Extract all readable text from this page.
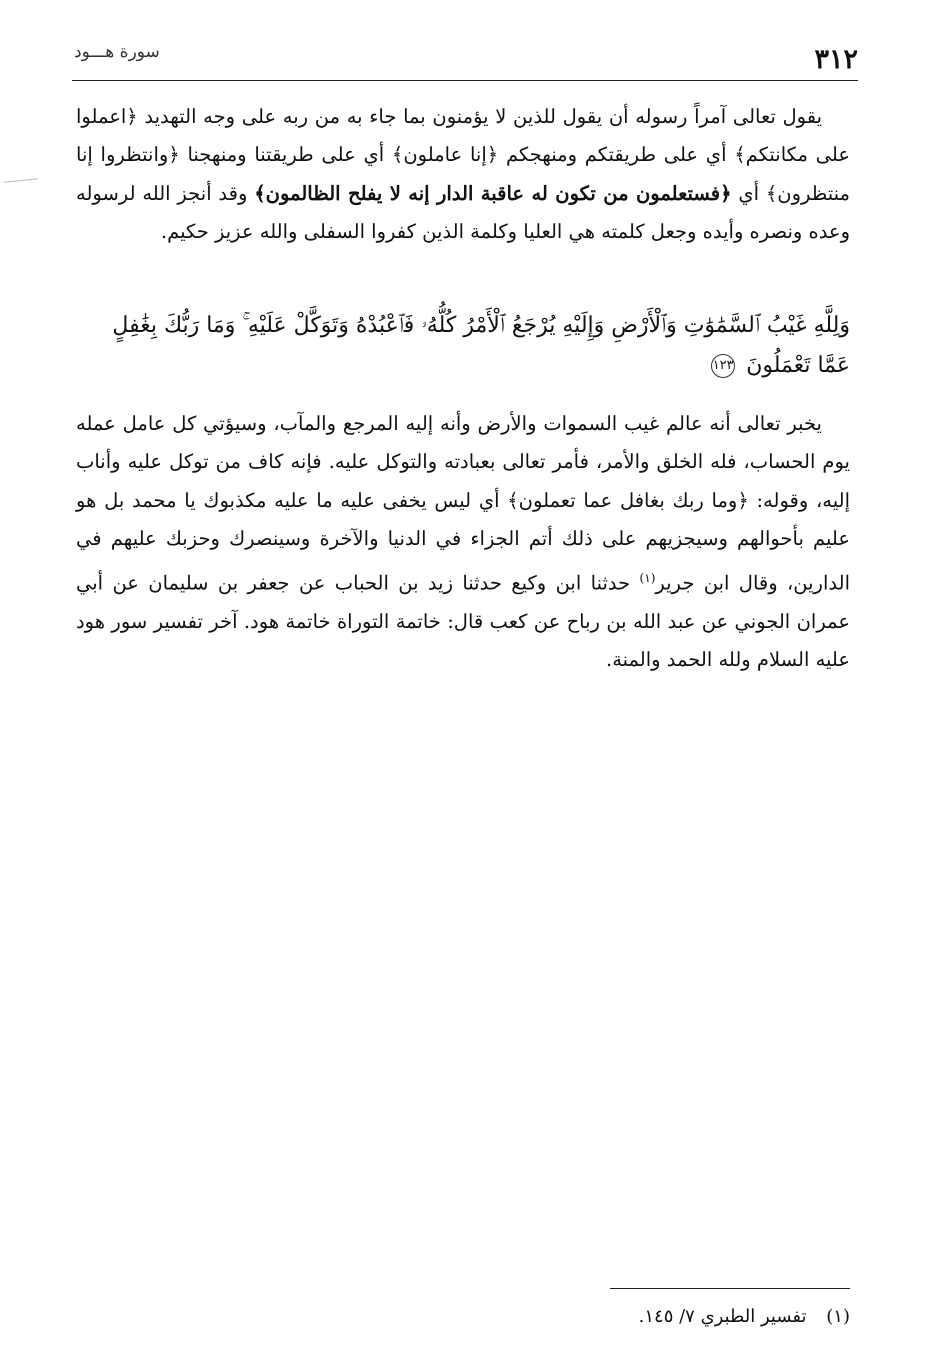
٣١٢
سورة هـــود

يقول تعالى آمراً رسوله أن يقول للذين لا يؤمنون بما جاء به من ربه على وجه التهديد ﴿اعملوا على مكانتكم﴾ أي على طريقتكم ومنهجكم ﴿إنا عاملون﴾ أي على طريقتنا ومنهجنا ﴿وانتظروا إنا منتظرون﴾ أي ﴿فستعلمون من تكون له عاقبة الدار إنه لا يفلح الظالمون﴾ وقد أنجز الله لرسوله وعده ونصره وأيده وجعل كلمته هي العليا وكلمة الذين كفروا السفلى والله عزيز حكيم.

وَلِلَّهِ غَيْبُ ٱلسَّمَٰوَٰتِ وَٱلْأَرْضِ وَإِلَيْهِ يُرْجَعُ ٱلْأَمْرُ كُلُّهُۥ فَٱعْبُدْهُ وَتَوَكَّلْ عَلَيْهِ ۚ وَمَا رَبُّكَ بِغَٰفِلٍ عَمَّا تَعْمَلُونَ ١٢٣

يخبر تعالى أنه عالم غيب السموات والأرض وأنه إليه المرجع والمآب، وسيؤتي كل عامل عمله يوم الحساب، فله الخلق والأمر، فأمر تعالى بعبادته والتوكل عليه. فإنه كاف من توكل عليه وأناب إليه، وقوله: ﴿وما ربك بغافل عما تعملون﴾ أي ليس يخفى عليه ما عليه مكذبوك يا محمد بل هو عليم بأحوالهم وسيجزيهم على ذلك أتم الجزاء في الدنيا والآخرة وسينصرك وحزبك عليهم في الدارين، وقال ابن جرير$^{(١)}$ حدثنا ابن وكيع حدثنا زيد بن الحباب عن جعفر بن سليمان عن أبي عمران الجوني عن عبد الله بن رباح عن كعب قال: خاتمة التوراة خاتمة هود. آخر تفسير سور هود عليه السلام ولله الحمد والمنة.

(١) تفسير الطبري ٧/ ١٤٥.
